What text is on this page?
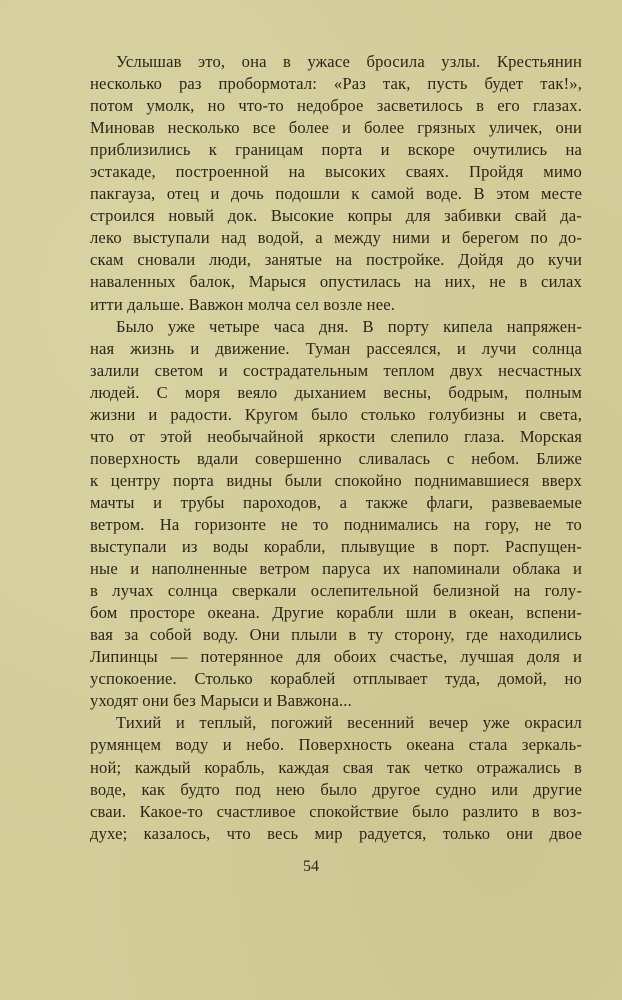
Услышав это, она в ужасе бросила узлы. Крестьянин
несколько раз пробормотал: «Раз так, пусть будет так!»,
потом умолк, но что-то недоброе засветилось в его глазах.
Миновав несколько все более и более грязных уличек, они
приблизились к границам порта и вскоре очутились на
эстакаде, построенной на высоких сваях. Пройдя мимо
пакгауза, отец и дочь подошли к самой воде. В этом месте
строился новый док. Высокие копры для забивки свай да-
леко выступали над водой, а между ними и берегом по до-
скам сновали люди, занятые на постройке. Дойдя до кучи
наваленных балок, Марыся опустилась на них, не в силах
итти дальше. Вавжон молча сел возле нее.
Было уже четыре часа дня. В порту кипела напряжен-
ная жизнь и движение. Туман рассеялся, и лучи солнца
залили светом и сострадательным теплом двух несчастных
людей. С моря веяло дыханием весны, бодрым, полным
жизни и радости. Кругом было столько голубизны и света,
что от этой необычайной яркости слепило глаза. Морская
поверхность вдали совершенно сливалась с небом. Ближе
к центру порта видны были спокойно поднимавшиеся вверх
мачты и трубы пароходов, а также флаги, развеваемые
ветром. На горизонте не то поднимались на гору, не то
выступали из воды корабли, плывущие в порт. Распущен-
ные и наполненные ветром паруса их напоминали облака и
в лучах солнца сверкали ослепительной белизной на голу-
бом просторе океана. Другие корабли шли в океан, вспени-
вая за собой воду. Они плыли в ту сторону, где находились
Липинцы — потерянное для обоих счастье, лучшая доля и
успокоение. Столько кораблей отплывает туда, домой, но
уходят они без Марыси и Вавжона...
Тихий и теплый, погожий весенний вечер уже окрасил
румянцем воду и небо. Поверхность океана стала зеркаль-
ной; каждый корабль, каждая свая так четко отражались в
воде, как будто под нею было другое судно или другие
сваи. Какое-то счастливое спокойствие было разлито в воз-
духе; казалось, что весь мир радуется, только они двое
54
